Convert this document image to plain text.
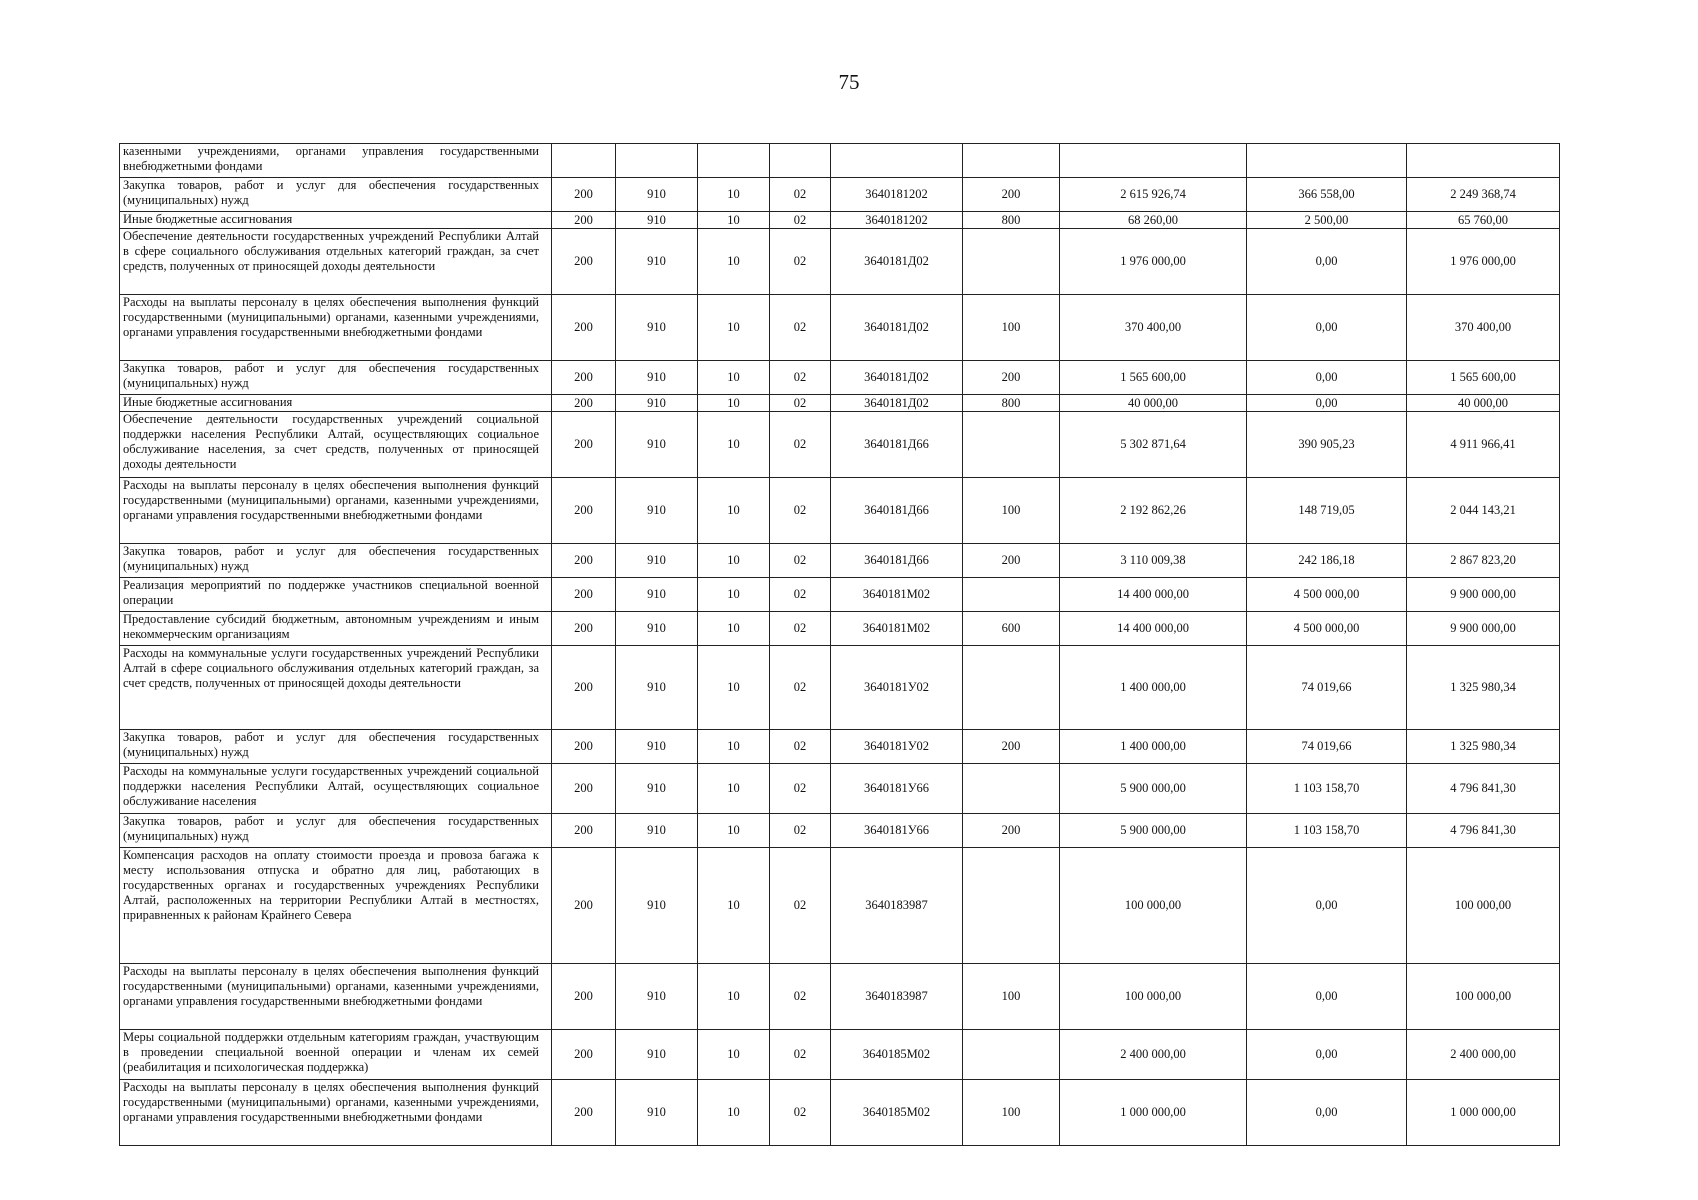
75
казенными учреждениями, органами управления государственными внебюджетными фондами									
Закупка товаров, работ и услуг для обеспечения государственных (муниципальных) нужд	200	910	10	02	3640181202	200	2 615 926,74	366 558,00	2 249 368,74
Иные бюджетные ассигнования	200	910	10	02	3640181202	800	68 260,00	2 500,00	65 760,00
Обеспечение деятельности государственных учреждений Республики Алтай в сфере социального обслуживания отдельных категорий граждан, за счет средств, полученных от приносящей доходы деятельности	200	910	10	02	3640181Д02		1 976 000,00	0,00	1 976 000,00
Расходы на выплаты персоналу в целях обеспечения выполнения функций государственными (муниципальными) органами, казенными учреждениями, органами управления государственными внебюджетными фондами	200	910	10	02	3640181Д02	100	370 400,00	0,00	370 400,00
Закупка товаров, работ и услуг для обеспечения государственных (муниципальных) нужд	200	910	10	02	3640181Д02	200	1 565 600,00	0,00	1 565 600,00
Иные бюджетные ассигнования	200	910	10	02	3640181Д02	800	40 000,00	0,00	40 000,00
Обеспечение деятельности государственных учреждений социальной поддержки населения Республики Алтай, осуществляющих социальное обслуживание населения, за счет средств, полученных от приносящей доходы деятельности	200	910	10	02	3640181Д66		5 302 871,64	390 905,23	4 911 966,41
Расходы на выплаты персоналу в целях обеспечения выполнения функций государственными (муниципальными) органами, казенными учреждениями, органами управления государственными внебюджетными фондами	200	910	10	02	3640181Д66	100	2 192 862,26	148 719,05	2 044 143,21
Закупка товаров, работ и услуг для обеспечения государственных (муниципальных) нужд	200	910	10	02	3640181Д66	200	3 110 009,38	242 186,18	2 867 823,20
Реализация мероприятий по поддержке участников специальной военной операции	200	910	10	02	3640181М02		14 400 000,00	4 500 000,00	9 900 000,00
Предоставление субсидий бюджетным, автономным учреждениям и иным некоммерческим организациям	200	910	10	02	3640181М02	600	14 400 000,00	4 500 000,00	9 900 000,00
Расходы на коммунальные услуги государственных учреждений Республики Алтай в сфере социального обслуживания отдельных категорий граждан, за счет средств, полученных от приносящей доходы деятельности	200	910	10	02	3640181У02		1 400 000,00	74 019,66	1 325 980,34
Закупка товаров, работ и услуг для обеспечения государственных (муниципальных) нужд	200	910	10	02	3640181У02	200	1 400 000,00	74 019,66	1 325 980,34
Расходы на коммунальные услуги государственных учреждений социальной поддержки населения Республики Алтай, осуществляющих социальное обслуживание населения	200	910	10	02	3640181У66		5 900 000,00	1 103 158,70	4 796 841,30
Закупка товаров, работ и услуг для обеспечения государственных (муниципальных) нужд	200	910	10	02	3640181У66	200	5 900 000,00	1 103 158,70	4 796 841,30
Компенсация расходов на оплату стоимости проезда и провоза багажа к месту использования отпуска и обратно для лиц, работающих в государственных органах и государственных учреждениях Республики Алтай, расположенных на территории Республики Алтай в местностях, приравненных к районам Крайнего Севера	200	910	10	02	3640183987		100 000,00	0,00	100 000,00
Расходы на выплаты персоналу в целях обеспечения выполнения функций государственными (муниципальными) органами, казенными учреждениями, органами управления государственными внебюджетными фондами	200	910	10	02	3640183987	100	100 000,00	0,00	100 000,00
Меры социальной поддержки отдельным категориям граждан, участвующим в проведении специальной военной операции и членам их семей (реабилитация и психологическая поддержка)	200	910	10	02	3640185М02		2 400 000,00	0,00	2 400 000,00
Расходы на выплаты персоналу в целях обеспечения выполнения функций государственными (муниципальными) органами, казенными учреждениями, органами управления государственными внебюджетными фондами	200	910	10	02	3640185М02	100	1 000 000,00	0,00	1 000 000,00
